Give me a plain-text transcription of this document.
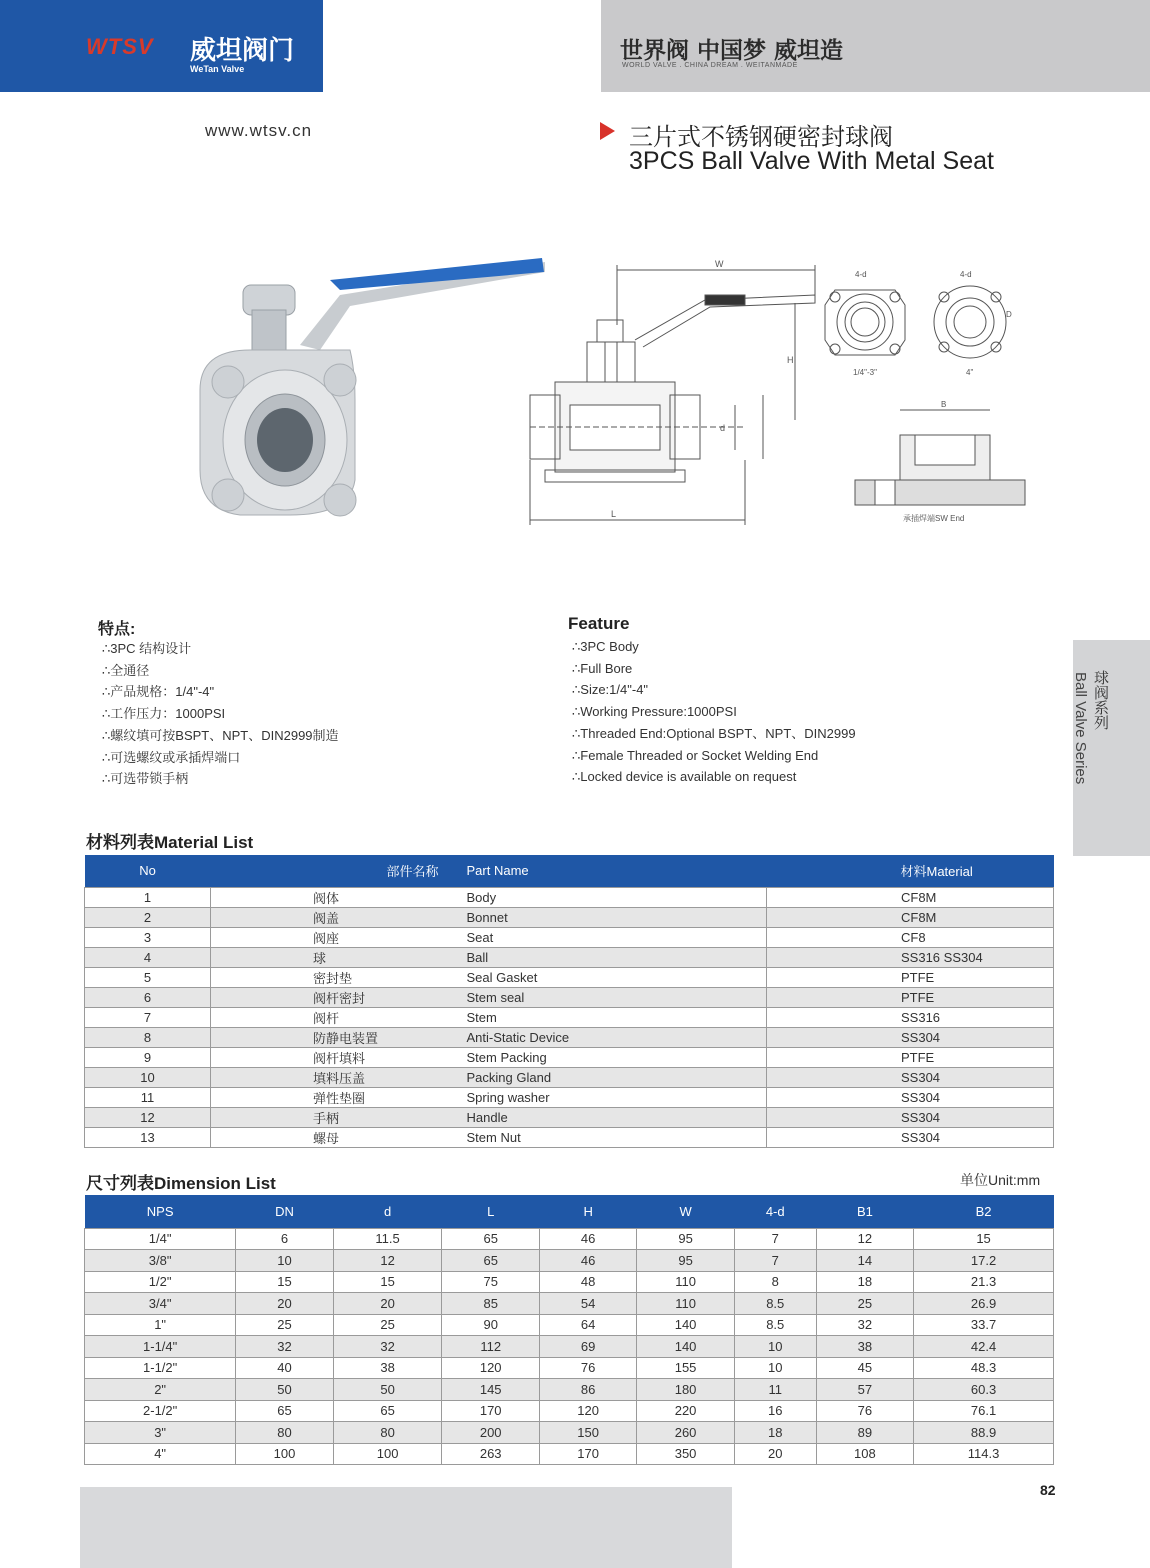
WTSV 威坦阀门
WeTan Valve
世界阀 中国梦 威坦造
WORLD VALVE . CHINA DREAM . WEITANMADE
www.wtsv.cn	三片式不锈钢硬密封球阀
3PCS Ball Valve With Metal Seat
W
H
d
L
4-d
1/4"-3"
4-d
D
4"
B
承插焊端SW End
球阀系列
Ball Valve Series
特点:
∴3PC 结构设计
∴全通径
∴产品规格：1/4"-4"
∴工作压力：1000PSI
∴螺纹填可按BSPT、NPT、DIN2999制造
∴可选螺纹或承插焊端口
∴可选带锁手柄
Feature
∴3PC Body
∴Full Bore
∴Size:1/4"-4"
∴Working Pressure:1000PSI
∴Threaded End:Optional BSPT、NPT、DIN2999
∴Female Threaded or Socket Welding End
∴Locked device is available on request
材料列表Material List
No	部件名称	Part Name	材料Material
1	阀体	Body	CF8M
2	阀盖	Bonnet	CF8M
3	阀座	Seat	CF8
4	球	Ball	SS316 SS304
5	密封垫	Seal Gasket	PTFE
6	阀杆密封	Stem seal	PTFE
7	阀杆	Stem	SS316
8	防静电装置	Anti-Static Device	SS304
9	阀杆填料	Stem Packing	PTFE
10	填料压盖	Packing Gland	SS304
11	弹性垫圈	Spring washer	SS304
12	手柄	Handle	SS304
13	螺母	Stem Nut	SS304
尺寸列表Dimension List	单位Unit:mm
NPS	DN	d	L	H	W	4-d	B1	B2
1/4"	6	11.5	65	46	95	7	12	15
3/8"	10	12	65	46	95	7	14	17.2
1/2"	15	15	75	48	110	8	18	21.3
3/4"	20	20	85	54	110	8.5	25	26.9
1"	25	25	90	64	140	8.5	32	33.7
1-1/4"	32	32	112	69	140	10	38	42.4
1-1/2"	40	38	120	76	155	10	45	48.3
2"	50	50	145	86	180	11	57	60.3
2-1/2"	65	65	170	120	220	16	76	76.1
3"	80	80	200	150	260	18	89	88.9
4"	100	100	263	170	350	20	108	114.3
82
